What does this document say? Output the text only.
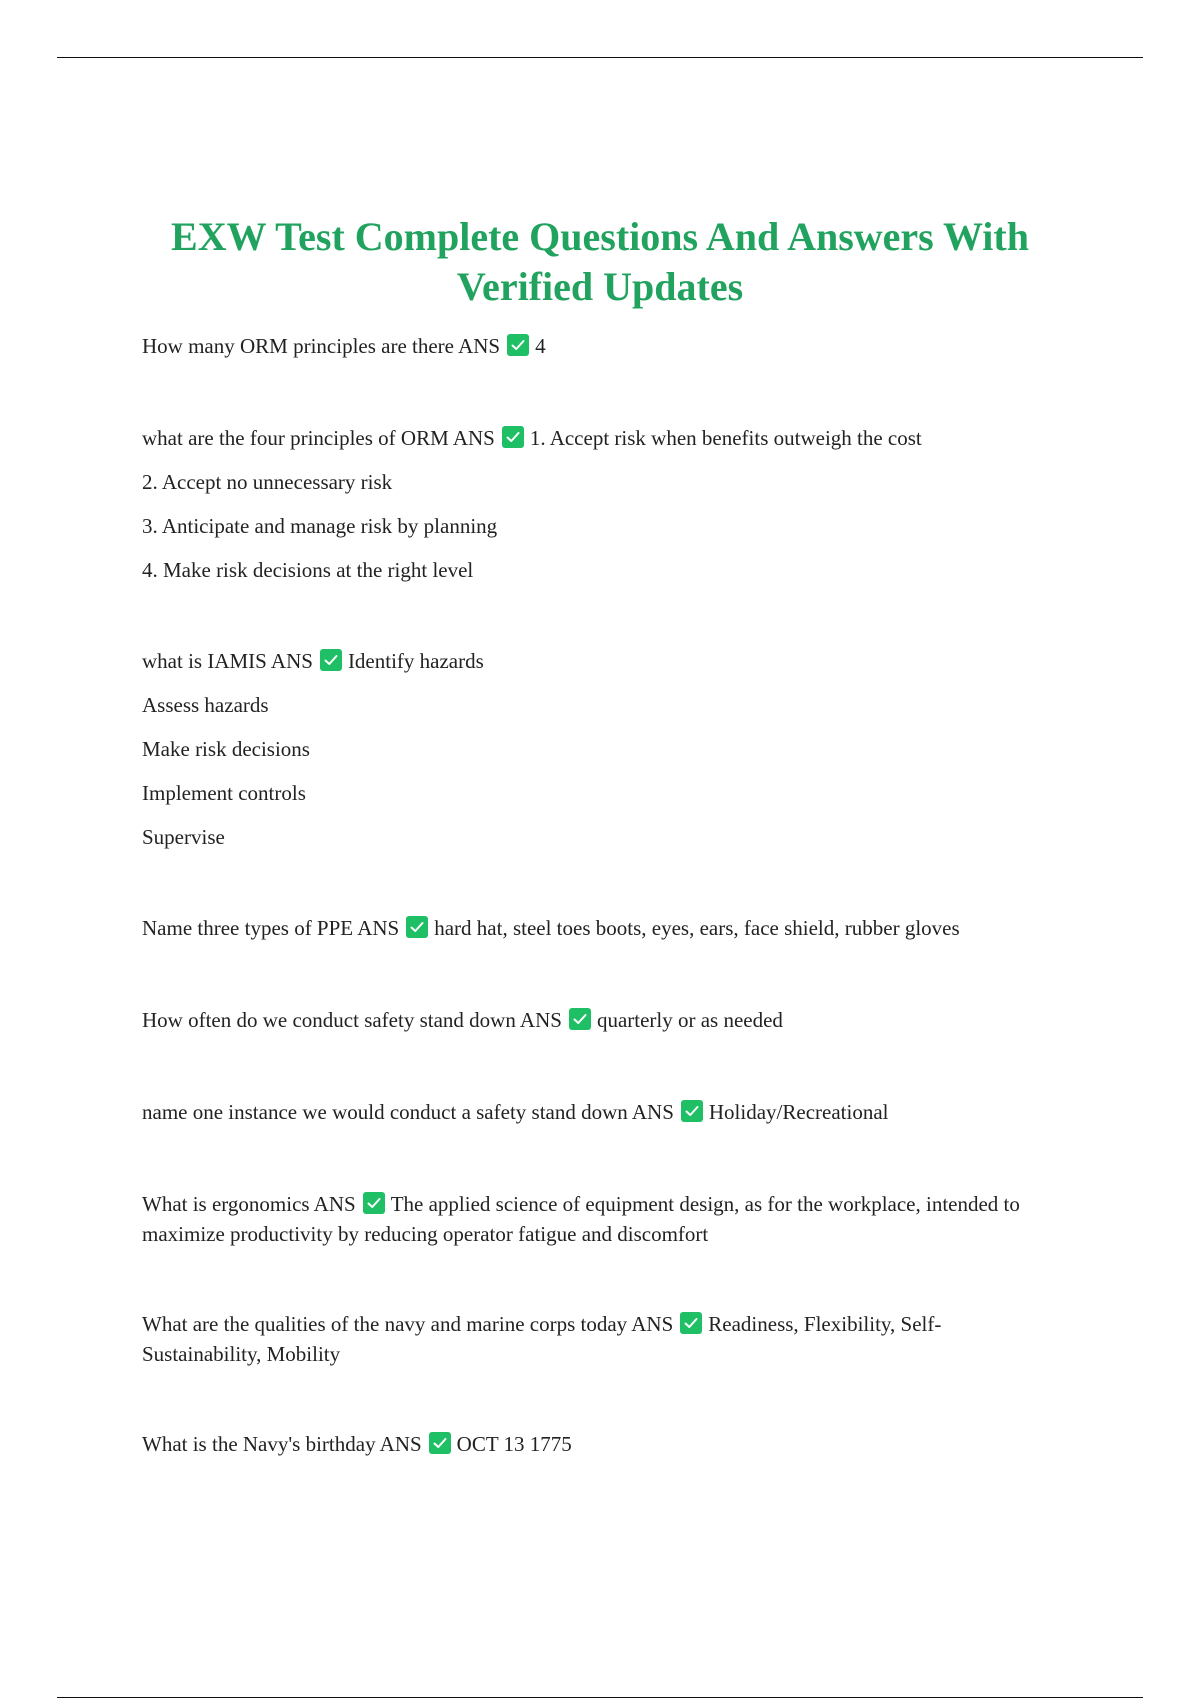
EXW Test Complete Questions And Answers With
Verified Updates
How many ORM principles are there ANS 4
what are the four principles of ORM ANS 1. Accept risk when benefits outweigh the cost
2. Accept no unnecessary risk
3. Anticipate and manage risk by planning
4. Make risk decisions at the right level
what is IAMIS ANS Identify hazards
Assess hazards
Make risk decisions
Implement controls
Supervise
Name three types of PPE ANS hard hat, steel toes boots, eyes, ears, face shield, rubber gloves
How often do we conduct safety stand down ANS quarterly or as needed
name one instance we would conduct a safety stand down ANS Holiday/Recreational
What is ergonomics ANS The applied science of equipment design, as for the workplace, intended to maximize productivity by reducing operator fatigue and discomfort
What are the qualities of the navy and marine corps today ANS Readiness, Flexibility, Self-Sustainability, Mobility
What is the Navy's birthday ANS OCT 13 1775
